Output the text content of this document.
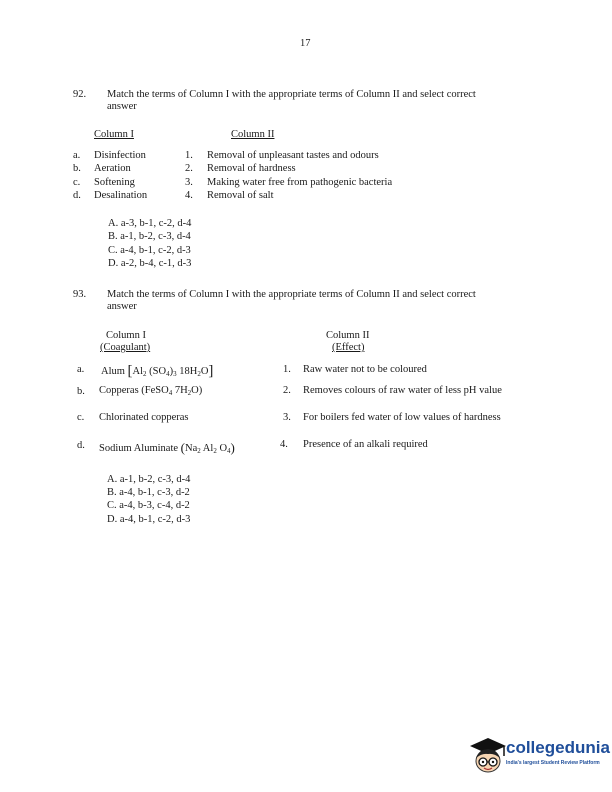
17
92. Match the terms of Column I with the appropriate terms of Column II and select correct
answer
Column I	Column II
a. Disinfection	1. Removal of unpleasant tastes and odours
b. Aeration	2. Removal of hardness
c. Softening	3. Making water free from pathogenic bacteria
d. Desalination	4. Removal of salt
A. a-3, b-1, c-2, d-4
B. a-1, b-2, c-3, d-4
C. a-4, b-1, c-2, d-3
D. a-2, b-4, c-1, d-3
93. Match the terms of Column I with the appropriate terms of Column II and select correct
answer
Column I
(Coagulant)
Column II
(Effect)
a. Alum [$Al_2$ $(SO_4)_3$ $18H_2O$]	1. Raw water not to be coloured
b. Copperas (FeSO$_4$ $7H_2O$)	2. Removes colours of raw water of less pH value
c. Chlorinated copperas	3. For boilers fed water of low values of hardness
d. Sodium Aluminate ($Na_2$ $Al_2$ $O_4$)	4. Presence of an alkali required
A. a-1, b-2, c-3, d-4
B. a-4, b-1, c-3, d-2
C. a-4, b-3, c-4, d-2
D. a-4, b-1, c-2, d-3
collegedunia
India's largest Student Review Platform
